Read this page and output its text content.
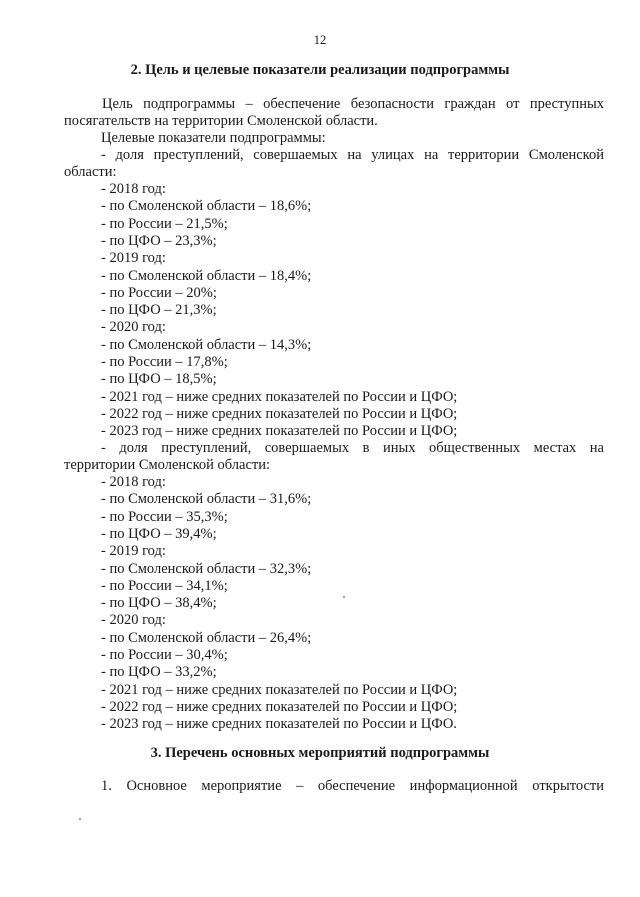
12
2. Цель и целевые показатели реализации подпрограммы
Цель подпрограммы – обеспечение безопасности граждан от преступных
посягательств на территории Смоленской области.
Целевые показатели подпрограммы:
- доля преступлений, совершаемых на улицах на территории Смоленской
области:
- 2018 год:
- по Смоленской области – 18,6%;
- по России – 21,5%;
- по ЦФО – 23,3%;
- 2019 год:
- по Смоленской области – 18,4%;
- по России – 20%;
- по ЦФО – 21,3%;
- 2020 год:
- по Смоленской области – 14,3%;
- по России – 17,8%;
- по ЦФО – 18,5%;
- 2021 год – ниже средних показателей по России и ЦФО;
- 2022 год – ниже средних показателей по России и ЦФО;
- 2023 год – ниже средних показателей по России и ЦФО;
- доля преступлений, совершаемых в иных общественных местах на
территории Смоленской области:
- 2018 год:
- по Смоленской области – 31,6%;
- по России – 35,3%;
- по ЦФО – 39,4%;
- 2019 год:
- по Смоленской области – 32,3%;
- по России – 34,1%;
- по ЦФО – 38,4%;
- 2020 год:
- по Смоленской области – 26,4%;
- по России – 30,4%;
- по ЦФО – 33,2%;
- 2021 год – ниже средних показателей по России и ЦФО;
- 2022 год – ниже средних показателей по России и ЦФО;
- 2023 год – ниже средних показателей по России и ЦФО.
3. Перечень основных мероприятий подпрограммы
1. Основное мероприятие – обеспечение информационной открытости
